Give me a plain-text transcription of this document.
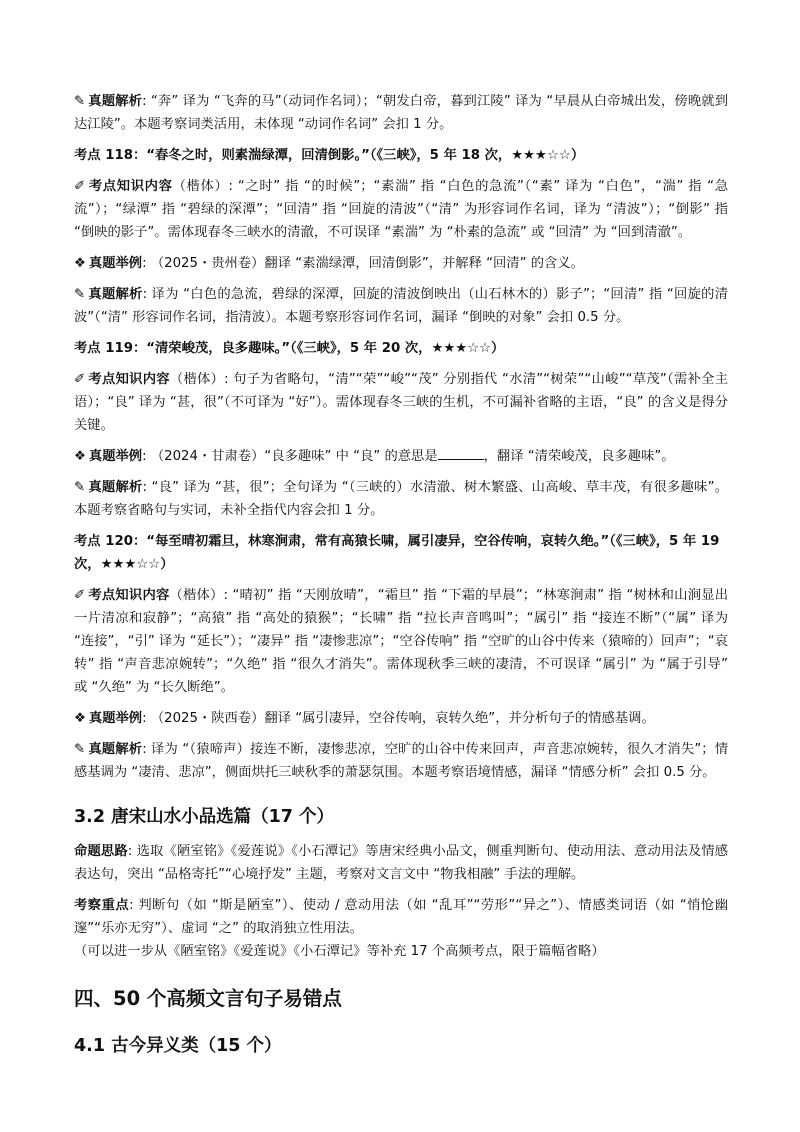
✎ 真题解析: “奔” 译为 “飞奔的马”（动词作名词）；“朝发白帝，暮到江陵” 译为 “早晨从白帝城出发，傍晚就到达江陵”。本题考察词类活用，未体现 “动词作名词” 会扣 1 分。

考点 118：“春冬之时，则素湍绿潭，回清倒影。”（《三峡》，5 年 18 次，★★★☆☆）

✐ 考点知识内容（楷体）: “之时” 指 “的时候”；“素湍” 指 “白色的急流”（“素” 译为 “白色”，“湍” 指 “急流”）；“绿潭” 指 “碧绿的深潭”；“回清” 指 “回旋的清波”（“清” 为形容词作名词，译为 “清波”）；“倒影” 指 “倒映的影子”。需体现春冬三峡水的清澈，不可误译 “素湍” 为 “朴素的急流” 或 “回清” 为 “回到清澈”。

❖ 真题举例: （2025・贵州卷）翻译 “素湍绿潭，回清倒影”，并解释 “回清” 的含义。

✎ 真题解析: 译为 “白色的急流，碧绿的深潭，回旋的清波倒映出（山石林木的）影子”；“回清” 指 “回旋的清波”（“清” 形容词作名词，指清波）。本题考察形容词作名词，漏译 “倒映的对象” 会扣 0.5 分。

考点 119：“清荣峻茂，良多趣味。”（《三峡》，5 年 20 次，★★★☆☆）

✐ 考点知识内容（楷体）: 句子为省略句，“清”“荣”“峻”“茂” 分别指代 “水清”“树荣”“山峻”“草茂”（需补全主语）；“良” 译为 “甚，很”（不可译为 “好”）。需体现春冬三峡的生机，不可漏补省略的主语，“良” 的含义是得分关键。

❖ 真题举例: （2024・甘肃卷）“良多趣味” 中 “良” 的意思是	，翻译 “清荣峻茂，良多趣味”。

✎ 真题解析: “良” 译为 “甚，很”；全句译为 “（三峡的）水清澈、树木繁盛、山高峻、草丰茂，有很多趣味”。本题考察省略句与实词，未补全指代内容会扣 1 分。

考点 120：“每至晴初霜旦，林寒涧肃，常有高猿长啸，属引凄异，空谷传响，哀转久绝。”（《三峡》，5 年 19 次，★★★☆☆）

✐ 考点知识内容（楷体）: “晴初” 指 “天刚放晴”，“霜旦” 指 “下霜的早晨”；“林寒涧肃” 指 “树林和山涧显出一片清凉和寂静”；“高猿” 指 “高处的猿猴”；“长啸” 指 “拉长声音鸣叫”；“属引” 指 “接连不断”（“属” 译为 “连接”，“引” 译为 “延长”）；“凄异” 指 “凄惨悲凉”；“空谷传响” 指 “空旷的山谷中传来（猿啼的）回声”；“哀转” 指 “声音悲凉婉转”；“久绝” 指 “很久才消失”。需体现秋季三峡的凄清，不可误译 “属引” 为 “属于引导” 或 “久绝” 为 “长久断绝”。

❖ 真题举例: （2025・陕西卷）翻译 “属引凄异，空谷传响，哀转久绝”，并分析句子的情感基调。

✎ 真题解析: 译为 “（猿啼声）接连不断，凄惨悲凉，空旷的山谷中传来回声，声音悲凉婉转，很久才消失”；情感基调为 “凄清、悲凉”，侧面烘托三峡秋季的萧瑟氛围。本题考察语境情感，漏译 “情感分析” 会扣 0.5 分。

3.2 唐宋山水小品选篇（17 个）

命题思路: 选取《陋室铭》《爱莲说》《小石潭记》等唐宋经典小品文，侧重判断句、使动用法、意动用法及情感表达句，突出 “品格寄托”“心境抒发” 主题，考察对文言文中 “物我相融” 手法的理解。

考察重点: 判断句（如 “斯是陋室”）、使动 / 意动用法（如 “乱耳”“劳形”“异之”）、情感类词语（如 “悄怆幽邃”“乐亦无穷”）、虚词 “之” 的取消独立性用法。

（可以进一步从《陋室铭》《爱莲说》《小石潭记》等补充 17 个高频考点，限于篇幅省略）

四、50 个高频文言句子易错点
4.1 古今异义类（15 个）
